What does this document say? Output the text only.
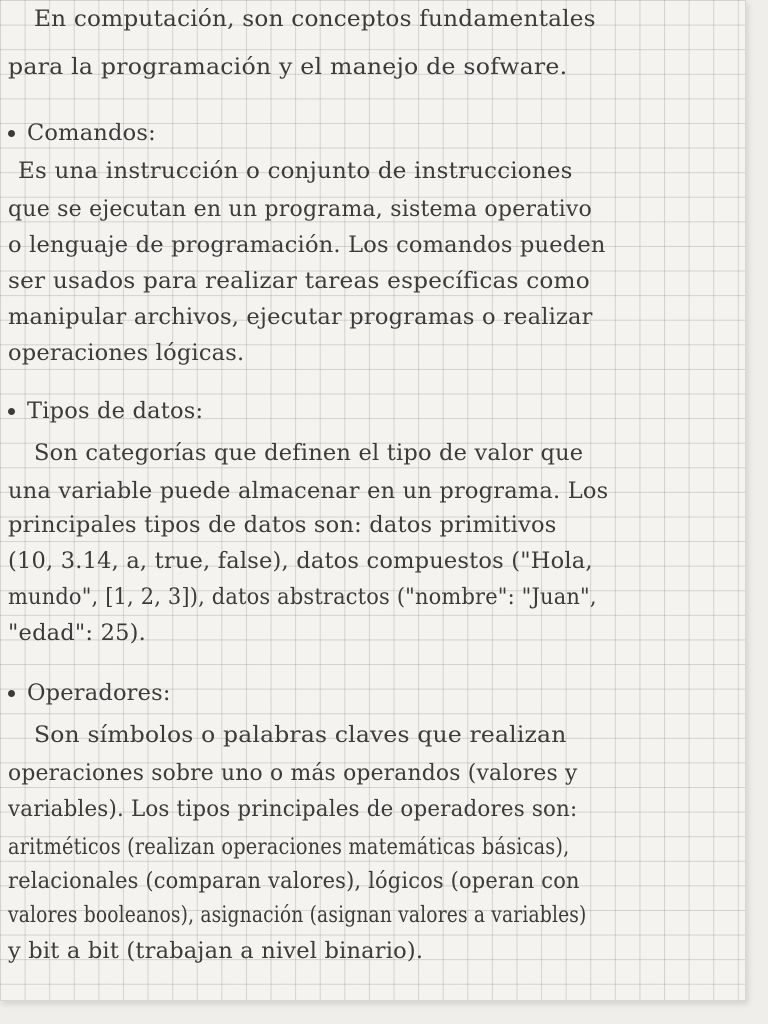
En computación, son conceptos fundamentales
para la programación y el manejo de sofware.
Comandos:
Es una instrucción o conjunto de instrucciones
que se ejecutan en un programa, sistema operativo
o lenguaje de programación. Los comandos pueden
ser usados para realizar tareas específicas como
manipular archivos, ejecutar programas o realizar
operaciones lógicas.
Tipos de datos:
Son categorías que definen el tipo de valor que
una variable puede almacenar en un programa. Los
principales tipos de datos son: datos primitivos
(10, 3.14, a, true, false), datos compuestos ("Hola,
mundo", [1, 2, 3]), datos abstractos ("nombre": "Juan",
"edad": 25).
Operadores:
Son símbolos o palabras claves que realizan
operaciones sobre uno o más operandos (valores y
variables). Los tipos principales de operadores son:
aritméticos (realizan operaciones matemáticas básicas),
relacionales (comparan valores), lógicos (operan con
valores booleanos), asignación (asignan valores a variables)
y bit a bit (trabajan a nivel binario).
